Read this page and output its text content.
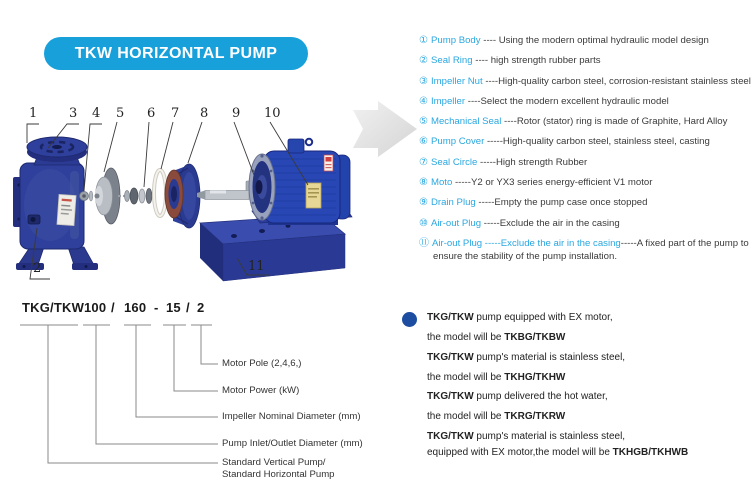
TKW HORIZONTAL PUMP
1 3 4 5 6 7 8 9 10
2	11
① Pump Body ---- Using the modern optimal hydraulic model design
② Seal Ring ---- high strength rubber parts
③ Impeller Nut ----High-quality carbon steel, corrosion-resistant stainless steel
④ Impeller ----Select the modern excellent hydraulic model
⑤ Mechanical Seal ----Rotor (stator) ring is made of Graphite, Hard Alloy
⑥ Pump Cover -----High-quality carbon steel, stainless steel, casting
⑦ Seal Circle -----High strength Rubber
⑧ Moto -----Y2 or YX3 series energy-efficient V1 motor
⑨ Drain Plug -----Empty the pump case once stopped
⑩ Air-out Plug -----Exclude the air in the casing
⑪ Air-out Plug -----Exclude the air in the casing-----A fixed part of the pump to ensure the stability of the pump installation.
TKG/TKW 100 / 160 - 15 / 2
Motor Pole (2,4,6,)
Motor Power (kW)
Impeller Nominal Diameter (mm)
Pump Inlet/Outlet Diameter (mm)
Standard Vertical Pump/
Standard Horizontal Pump
TKG/TKW pump equipped with EX motor,
the model will be TKBG/TKBW
TKG/TKW pump's material is stainless steel,
the model will be TKHG/TKHW
TKG/TKW pump delivered the hot water,
the model will be TKRG/TKRW
TKG/TKW pump's material is stainless steel,
equipped with EX motor,the model will be TKHGB/TKHWB
